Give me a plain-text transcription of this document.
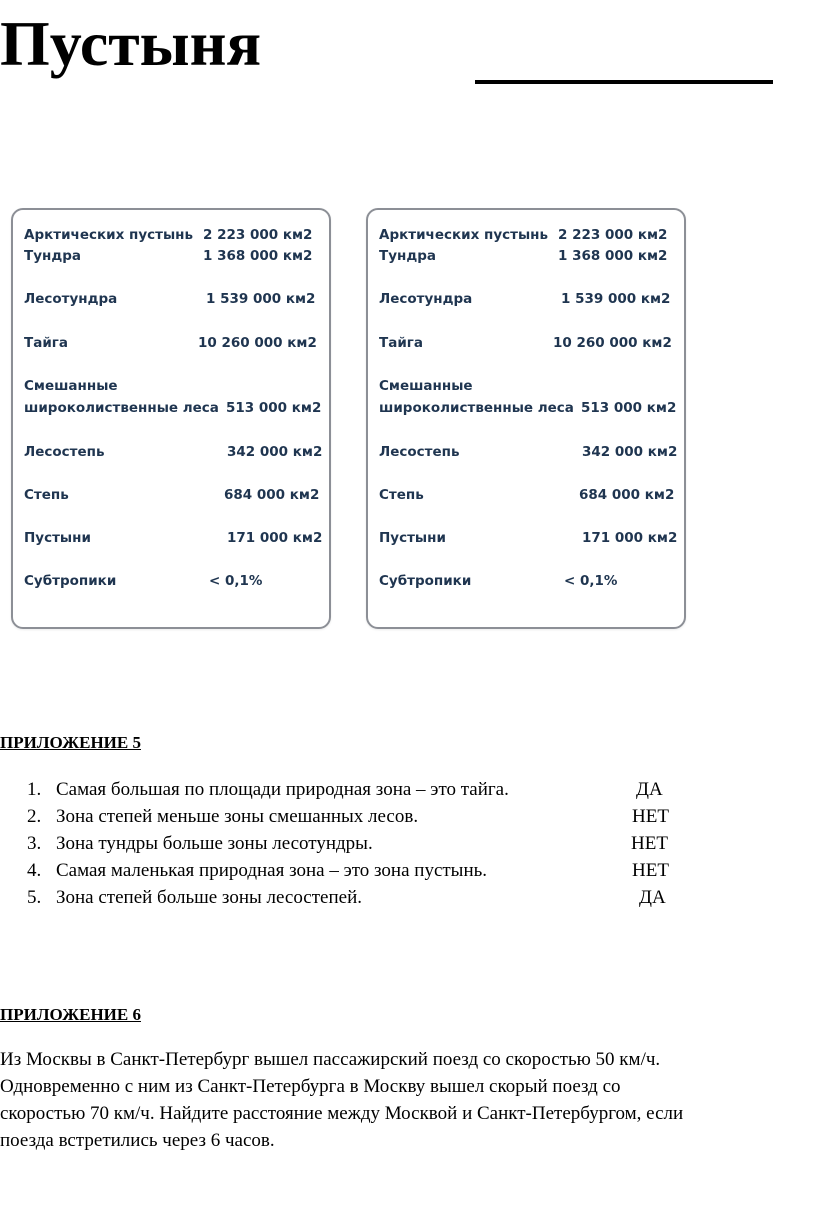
Пустыня
Арктических пустынь 2 223 000 км2
Тундра	1 368 000 км2
Лесотундра	1 539 000 км2
Тайга	10 260 000 км2
Смешанные
широколиственные леса 513 000 км2
Лесостепь	342 000 км2
Степь	684 000 км2
Пустыни	171 000 км2
Субтропики	< 0,1%
Арктических пустынь 2 223 000 км2
Тундра	1 368 000 км2
Лесотундра	1 539 000 км2
Тайга	10 260 000 км2
Смешанные
широколиственные леса 513 000 км2
Лесостепь	342 000 км2
Степь	684 000 км2
Пустыни	171 000 км2
Субтропики	< 0,1%
ПРИЛОЖЕНИЕ 5
1. Самая большая по площади природная зона – это тайга.	ДА
2. Зона степей меньше зоны смешанных лесов.	НЕТ
3. Зона тундры больше зоны лесотундры.	НЕТ
4. Самая маленькая природная зона – это зона пустынь.	НЕТ
5. Зона степей больше зоны лесостепей.	ДА
ПРИЛОЖЕНИЕ 6

Из Москвы в Санкт-Петербург вышел пассажирский поезд со скоростью 50 км/ч.
Одновременно с ним из Санкт-Петербурга в Москву вышел скорый поезд со
скоростью 70 км/ч. Найдите расстояние между Москвой и Санкт-Петербургом, если
поезда встретились через 6 часов.
